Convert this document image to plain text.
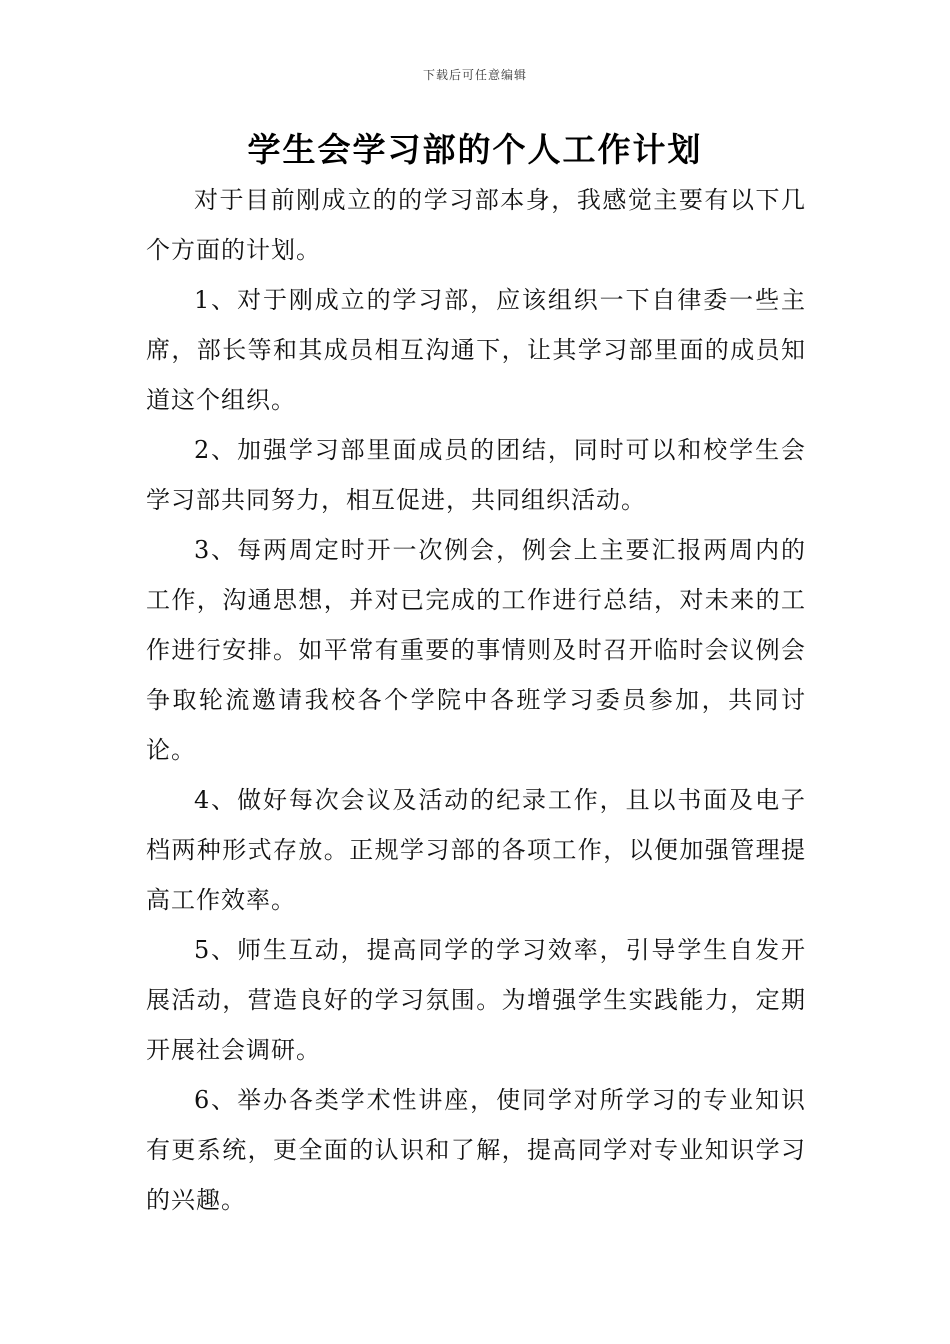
下载后可任意编辑
学生会学习部的个人工作计划

对于目前刚成立的的学习部本身，我感觉主要有以下几个方面的计划。

1、对于刚成立的学习部，应该组织一下自律委一些主席，部长等和其成员相互沟通下，让其学习部里面的成员知道这个组织。

2、加强学习部里面成员的团结，同时可以和校学生会学习部共同努力，相互促进，共同组织活动。

3、每两周定时开一次例会，例会上主要汇报两周内的工作，沟通思想，并对已完成的工作进行总结，对未来的工作进行安排。如平常有重要的事情则及时召开临时会议例会争取轮流邀请我校各个学院中各班学习委员参加，共同讨论。

4、做好每次会议及活动的纪录工作，且以书面及电子档两种形式存放。正规学习部的各项工作，以便加强管理提高工作效率。

5、师生互动，提高同学的学习效率，引导学生自发开展活动，营造良好的学习氛围。为增强学生实践能力，定期开展社会调研。

6、举办各类学术性讲座，使同学对所学习的专业知识有更系统，更全面的认识和了解，提高同学对专业知识学习的兴趣。
